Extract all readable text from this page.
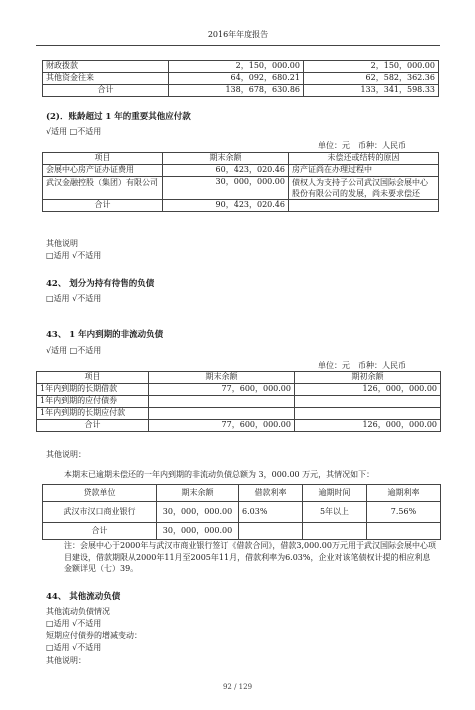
2016年年度报告
财政拨款	2，150，000.00	2，150，000.00
其他资金往来	64，092，680.21	62，582，362.36
合计	138，678，630.86	133，341，598.33
(2)．账龄超过 1 年的重要其他应付款
√适用 □不适用
单位：元　币种：人民币
项目	期末余额	未偿还或结转的原因
会展中心房产证办证费用	60，423，020.46	房产证尚在办理过程中
武汉金融控股（集团）有限公司	30，000，000.00	债权人为支持子公司武汉国际会展中心股份有限公司的发展，尚未要求偿还
合计	90，423，020.46	
其他说明
□适用 √不适用
42、 划分为持有待售的负债
□适用 √不适用
43、 1 年内到期的非流动负债
√适用 □不适用
单位：元　币种：人民币
项目	期末余额	期初余额
1年内到期的长期借款	77，600，000.00	126，000，000.00
1年内到期的应付债券		
1年内到期的长期应付款		
合计	77，600，000.00	126，000，000.00
其他说明：
本期末已逾期未偿还的一年内到期的非流动负债总额为 3，000.00 万元，其情况如下：
贷款单位	期末余额	借款利率	逾期时间	逾期利率
武汉市汉口商业银行	30，000，000.00	6.03%	5年以上	7.56%
合计	30，000，000.00			
注：会展中心于2000年与武汉市商业银行签订《借款合同》，借款3,000.00万元用于武汉国际会展中心项目建设，借款期限从2000年11月至2005年11月，借款利率为6.03%，企业对该笔债权计提的相应利息金额详见（七）39。
44、 其他流动负债
其他流动负债情况
□适用 √不适用
短期应付债券的增减变动：
□适用 √不适用
其他说明：
92 / 129
